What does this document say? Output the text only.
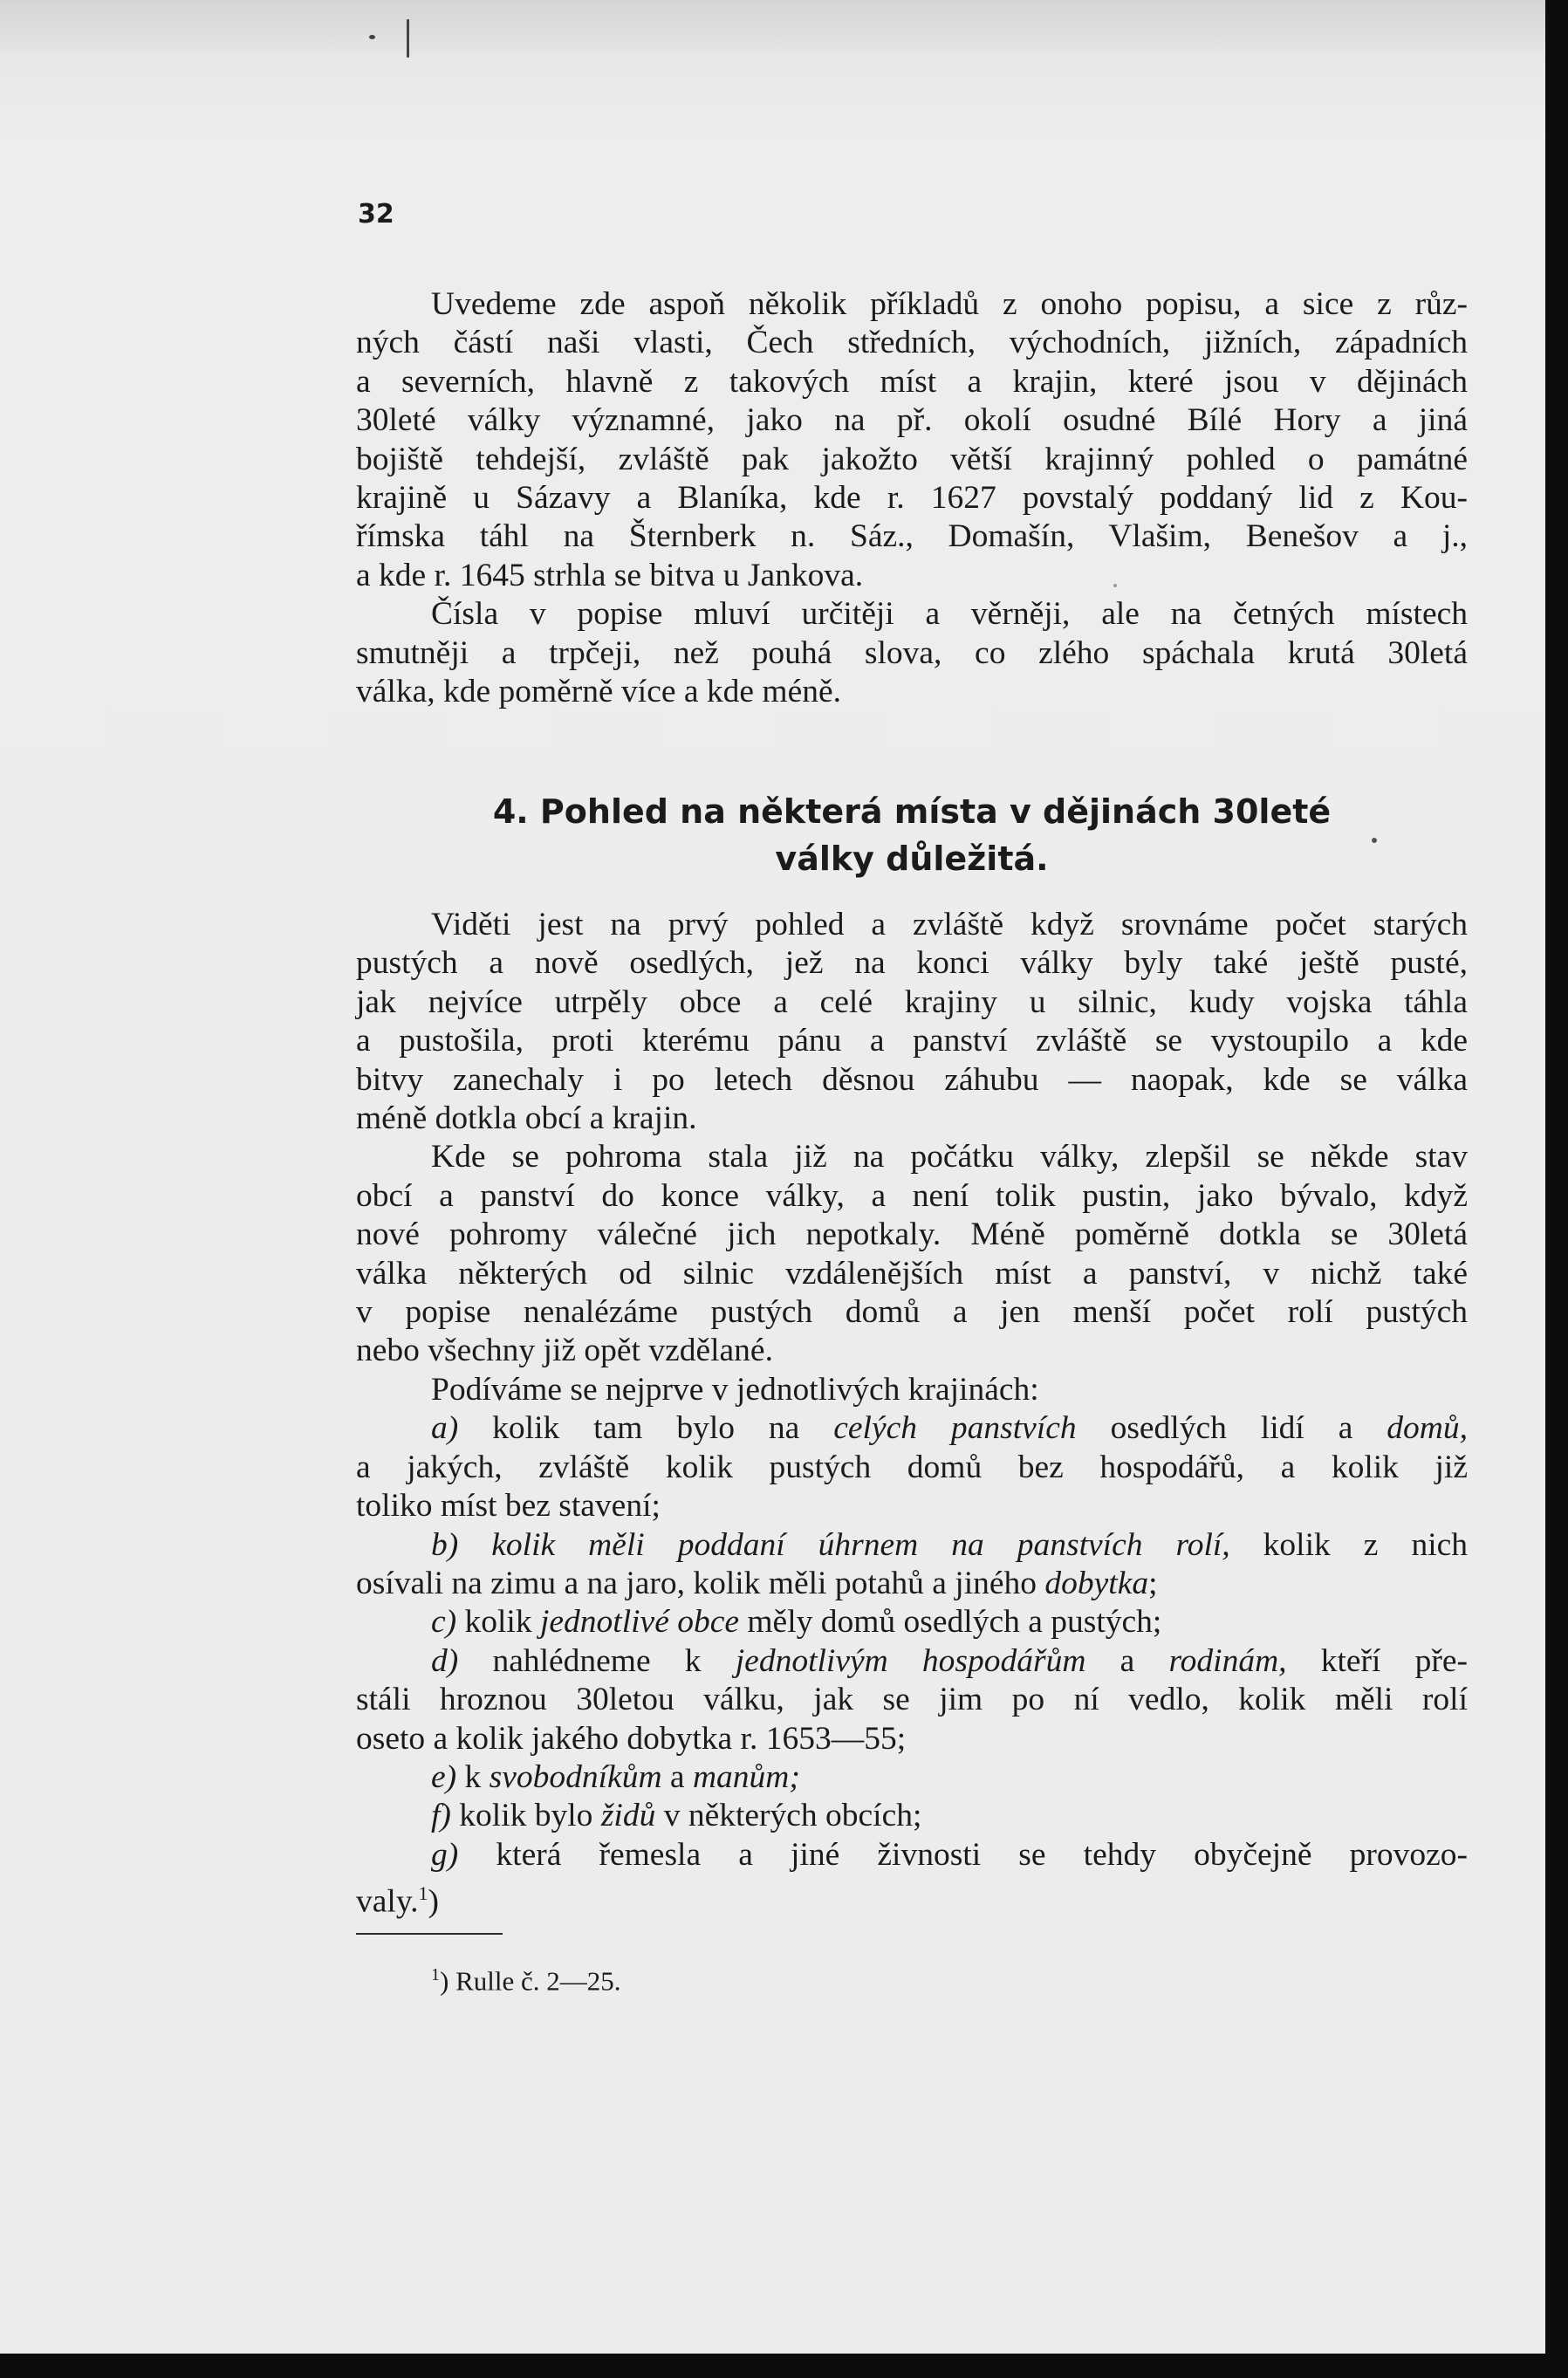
32

Uvedeme zde aspoň několik příkladů z onoho popisu, a sice z růz-

ných částí naši vlasti, Čech středních, východních, jižních, západních

a severních, hlavně z takových míst a krajin, které jsou v dějinách

30leté války významné, jako na př. okolí osudné Bílé Hory a jiná

bojiště tehdejší, zvláště pak jakožto větší krajinný pohled o památné

krajině u Sázavy a Blaníka, kde r. 1627 povstalý poddaný lid z Kou-

římska táhl na Šternberk n. Sáz., Domašín, Vlašim, Benešov a j.,

a kde r. 1645 strhla se bitva u Jankova.

Čísla v popise mluví určitěji a věrněji, ale na četných místech

smutněji a trpčeji, než pouhá slova, co zlého spáchala krutá 30letá

válka, kde poměrně více a kde méně.

4. Pohled na některá místa v dějinách 30leté
války důležitá.

Viděti jest na prvý pohled a zvláště když srovnáme počet starých

pustých a nově osedlých, jež na konci války byly také ještě pusté,

jak nejvíce utrpěly obce a celé krajiny u silnic, kudy vojska táhla

a pustošila, proti kterému pánu a panství zvláště se vystoupilo a kde

bitvy zanechaly i po letech děsnou záhubu — naopak, kde se válka

méně dotkla obcí a krajin.

Kde se pohroma stala již na počátku války, zlepšil se někde stav

obcí a panství do konce války, a není tolik pustin, jako bývalo, když

nové pohromy válečné jich nepotkaly. Méně poměrně dotkla se 30letá

válka některých od silnic vzdálenějších míst a panství, v nichž také

v popise nenalézáme pustých domů a jen menší počet rolí pustých

nebo všechny již opět vzdělané.

Podíváme se nejprve v jednotlivých krajinách:

a) kolik tam bylo na celých panstvích osedlých lidí a domů,

a jakých, zvláště kolik pustých domů bez hospodářů, a kolik již

toliko míst bez stavení;

b) kolik měli poddaní úhrnem na panstvích rolí, kolik z nich

osívali na zimu a na jaro, kolik měli potahů a jiného dobytka;

c) kolik jednotlivé obce měly domů osedlých a pustých;

d) nahlédneme k jednotlivým hospodářům a rodinám, kteří pře-

stáli hroznou 30letou válku, jak se jim po ní vedlo, kolik měli rolí

oseto a kolik jakého dobytka r. 1653—55;

e) k svobodníkům a manům;

f) kolik bylo židů v některých obcích;

g) která řemesla a jiné živnosti se tehdy obyčejně provozo-

valy.$^1$)

$^1$) Rulle č. 2—25.
